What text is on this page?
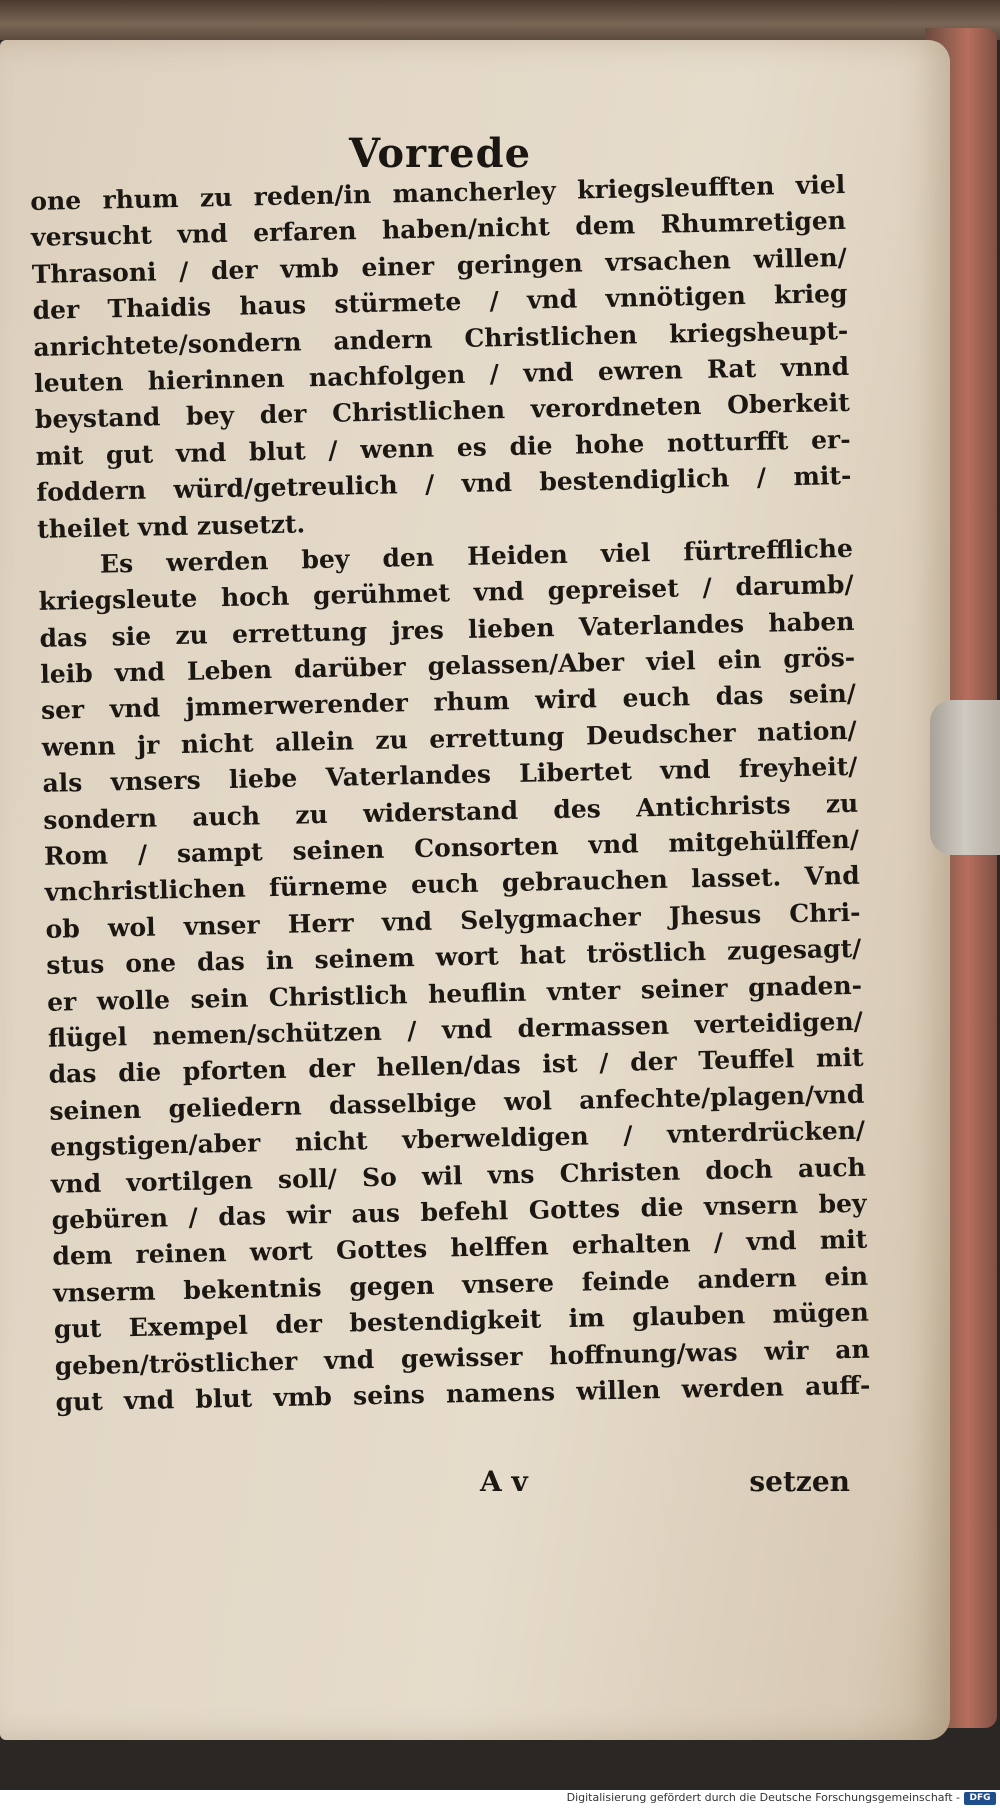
Vorrede
one rhum zu reden/in mancherley kriegsleufften viel
versucht vnd erfaren haben/nicht dem Rhumretigen
Thrasoni / der vmb einer geringen vrsachen willen/
der Thaidis haus stürmete / vnd vnnötigen krieg
anrichtete/sondern andern Christlichen kriegsheupt-
leuten hierinnen nachfolgen / vnd ewren Rat vnnd
beystand bey der Christlichen verordneten Oberkeit
mit gut vnd blut / wenn es die hohe notturfft er-
foddern würd/getreulich / vnd bestendiglich / mit-
theilet vnd zusetzt.
Es werden bey den Heiden viel fürtreffliche
kriegsleute hoch gerühmet vnd gepreiset / darumb/
das sie zu errettung jres lieben Vaterlandes haben
leib vnd Leben darüber gelassen/Aber viel ein grös-
ser vnd jmmerwerender rhum wird euch das sein/
wenn jr nicht allein zu errettung Deudscher nation/
als vnsers liebe Vaterlandes Libertet vnd freyheit/
sondern auch zu widerstand des Antichrists zu
Rom / sampt seinen Consorten vnd mitgehülffen/
vnchristlichen fürneme euch gebrauchen lasset. Vnd
ob wol vnser Herr vnd Selygmacher Jhesus Chri-
stus one das in seinem wort hat tröstlich zugesagt/
er wolle sein Christlich heuflin vnter seiner gnaden-
flügel nemen/schützen / vnd dermassen verteidigen/
das die pforten der hellen/das ist / der Teuffel mit
seinen geliedern dasselbige wol anfechte/plagen/vnd
engstigen/aber nicht vberweldigen / vnterdrücken/
vnd vortilgen soll/ So wil vns Christen doch auch
gebüren / das wir aus befehl Gottes die vnsern bey
dem reinen wort Gottes helffen erhalten / vnd mit
vnserm bekentnis gegen vnsere feinde andern ein
gut Exempel der bestendigkeit im glauben mügen
geben/tröstlicher vnd gewisser hoffnung/was wir an
gut vnd blut vmb seins namens willen werden auff-
A v	setzen
Digitalisierung gefördert durch die Deutsche Forschungsgemeinschaft -	DFG
